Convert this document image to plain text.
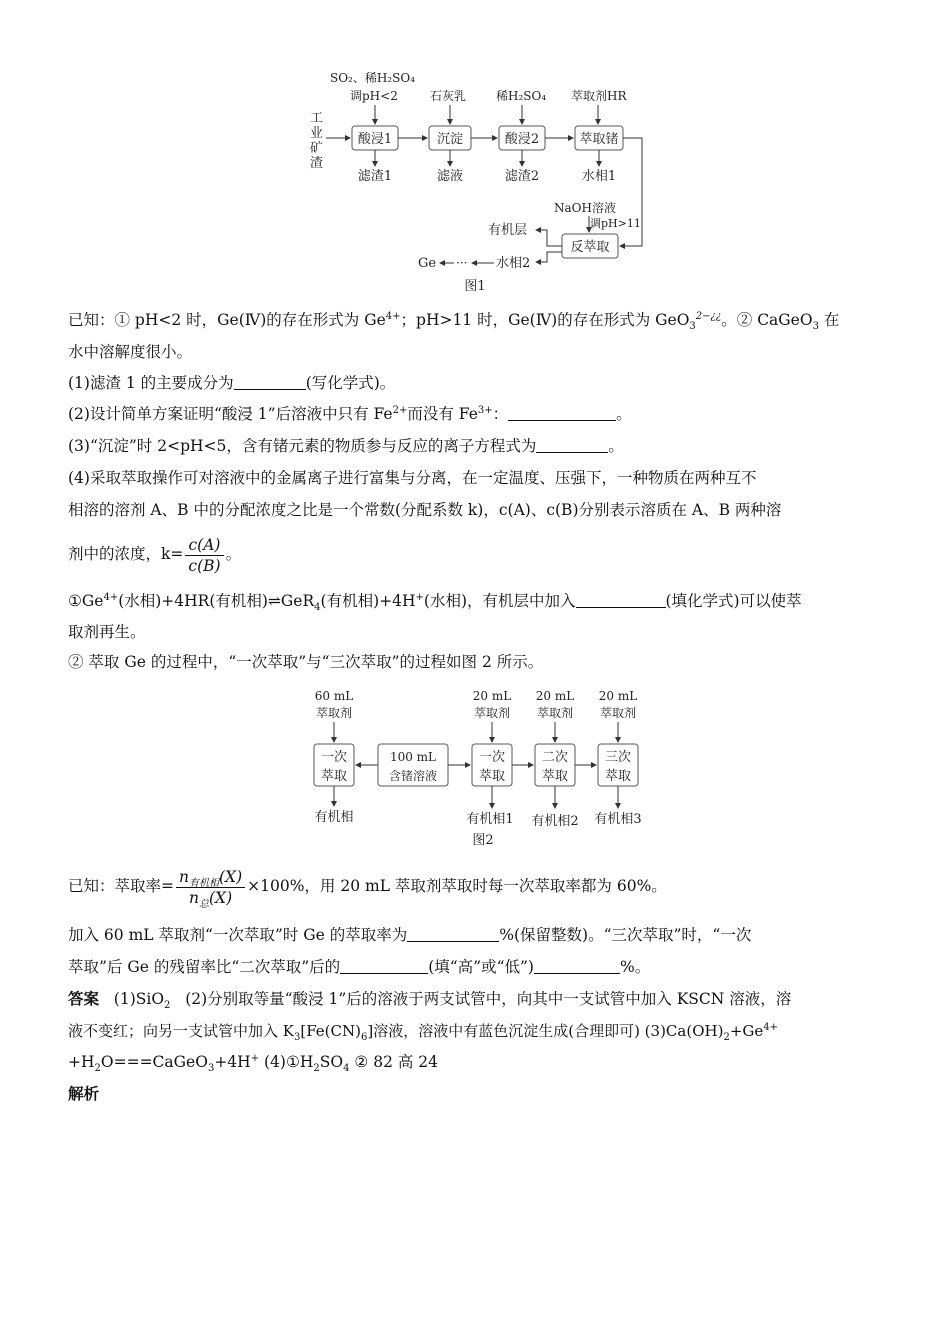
SO₂、稀H₂SO₄
调pH<2	石灰乳 稀H₂SO₄ 萃取剂HR
工
业
矿
渣
酸浸1	沉淀	酸浸2	萃取锗
滤渣1	滤液	滤渣2	水相1
NaOH溶液
调pH>11
反萃取
有机层
水相2
···
Ge
图1
已知：① pH<2 时，Ge(Ⅳ)的存在形式为 $Ge^{4+}$；pH>11 时，Ge(Ⅳ)的存在形式为 GeO$_3^{2-¿¿}$。② CaGeO$_3$ 在
水中溶解度很小。
(1)滤渣 1 的主要成分为	(写化学式)。
(2)设计简单方案证明“酸浸 1”后溶液中只有 $Fe^{2+}$而没有 $Fe^{3+}$：	。
(3)“沉淀”时 2<pH<5，含有锗元素的物质参与反应的离子方程式为	。
(4)采取萃取操作可对溶液中的金属离子进行富集与分离，在一定温度、压强下，一种物质在两种互不
相溶的溶剂 A、B 中的分配浓度之比是一个常数(分配系数 k)，c(A)、c(B)分别表示溶质在 A、B 两种溶
剂中的浓度，$k= \frac{c(A)}{c(B)}$ 。
$①Ge^{4+}$(水相)+4HR(有机相)⇌GeR$_4$(有机相)+4H+(水相)，有机层中加入	(填化学式)可以使萃
取剂再生。
② 萃取 Ge 的过程中，“一次萃取”与“三次萃取”的过程如图 2 所示。
60 mL
萃取剂
一次
萃取
有机相
100 mL
含锗溶液
20 mL
萃取剂
20 mL
萃取剂
20 mL
萃取剂
一次
萃取
二次
萃取
三次
萃取
有机相1 有机相2 有机相3
图2
已知：萃取率= $\frac{n_{有机相}(X)}{n_总(X)} \times 100\%$，用 20 mL 萃取剂萃取时每一次萃取率都为 60%。
加入 60 mL 萃取剂“一次萃取”时 Ge 的萃取率为	%(保留整数)。“三次萃取”时，“一次
萃取”后 Ge 的残留率比“二次萃取”后的	(填“高”或“低”)	%。
答案 (1)SiO$_2$ (2)分别取等量“酸浸 1”后的溶液于两支试管中，向其中一支试管中加入 KSCN 溶液，溶
液不变红；向另一支试管中加入 $K_3[Fe(CN)_6]$溶液，溶液中有蓝色沉淀生成(合理即可) $(3)Ca(OH)_2+Ge^{4+}$
$+H_2O===CaGeO_3+4H^+$ $(4)①H_2SO_4$ ② 82 高 24
解析
